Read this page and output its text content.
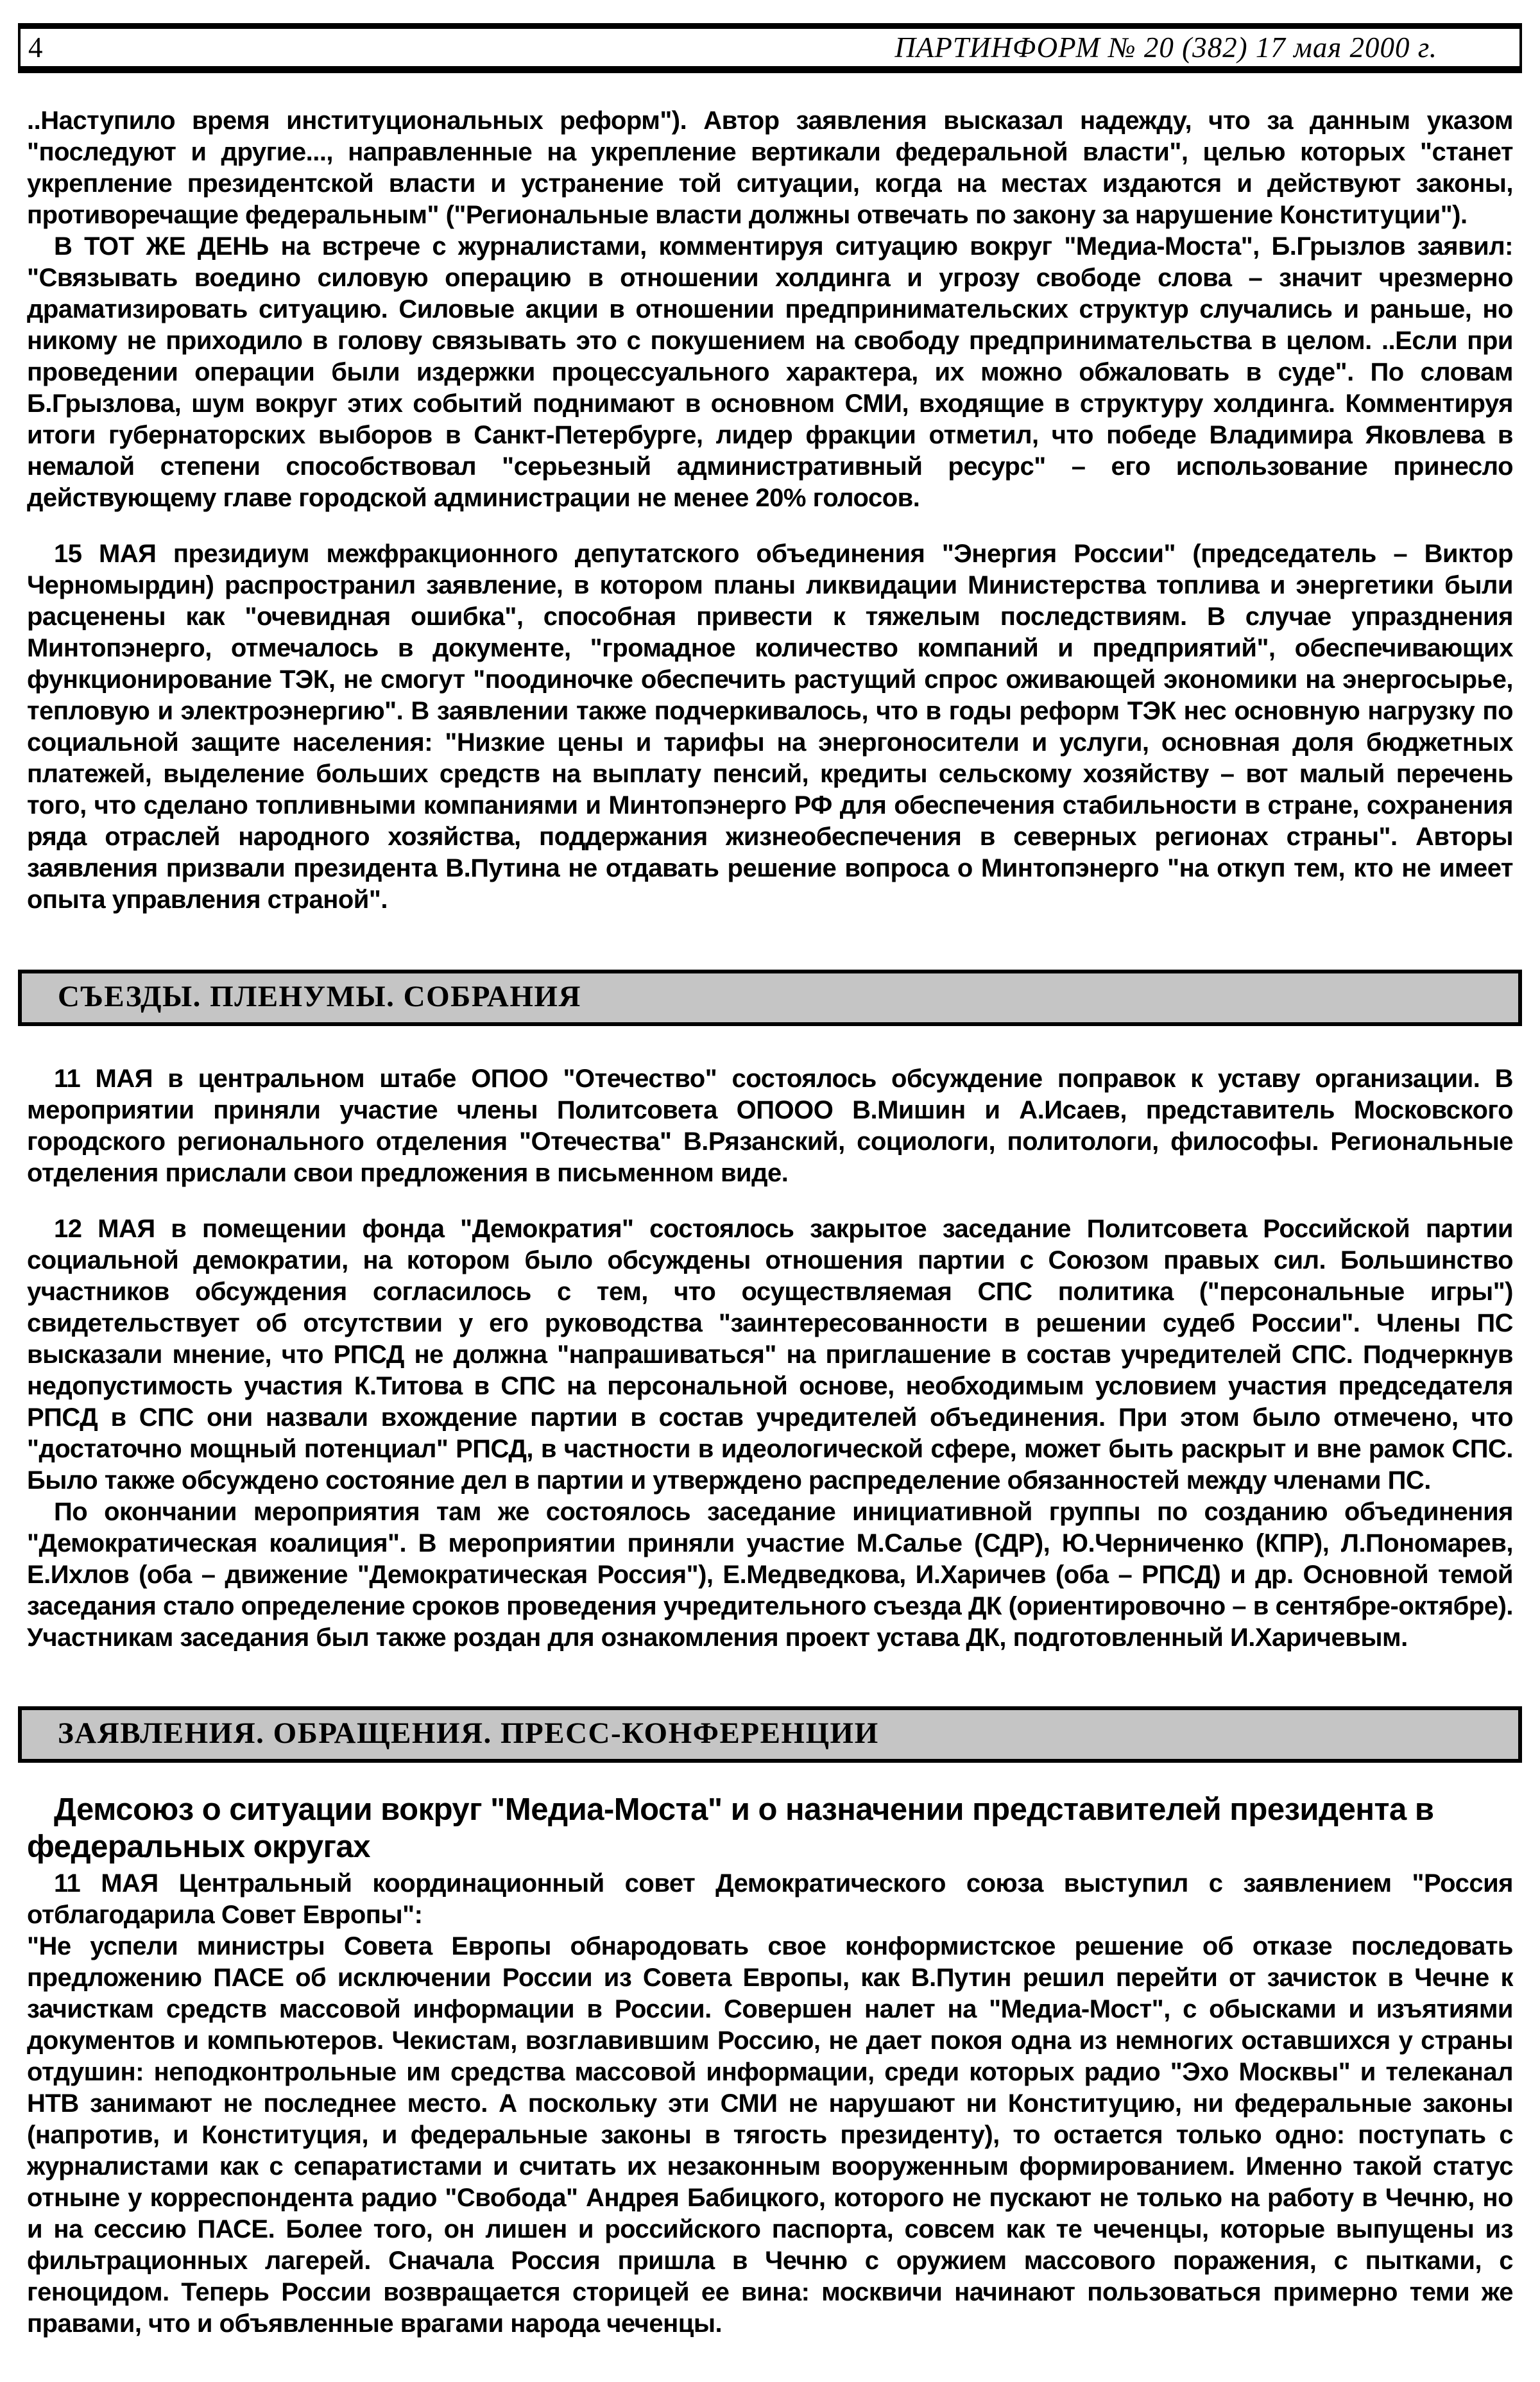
4	ПАРТИНФОРМ № 20 (382) 17 мая 2000 г.

..Наступило время институциональных реформ"). Автор заявления высказал надежду, что за данным указом "последуют и другие..., направленные на укрепление вертикали федеральной власти", целью которых "станет укрепление президентской власти и устранение той ситуации, когда на местах издаются и действуют законы, противоречащие федеральным" ("Региональные власти должны отвечать по закону за нарушение Конституции").

В ТОТ ЖЕ ДЕНЬ на встрече с журналистами, комментируя ситуацию вокруг "Медиа-Моста", Б.Грызлов заявил: "Связывать воедино силовую операцию в отношении холдинга и угрозу свободе слова – значит чрезмерно драматизировать ситуацию. Силовые акции в отношении предпринимательских структур случались и раньше, но никому не приходило в голову связывать это с покушением на свободу предпринимательства в целом. ..Если при проведении операции были издержки процессуального характера, их можно обжаловать в суде". По словам Б.Грызлова, шум вокруг этих событий поднимают в основном СМИ, входящие в структуру холдинга. Комментируя итоги губернаторских выборов в Санкт-Петербурге, лидер фракции отметил, что победе Владимира Яковлева в немалой степени способствовал "серьезный административный ресурс" – его использование принесло действующему главе городской администрации не менее 20% голосов.

15 МАЯ президиум межфракционного депутатского объединения "Энергия России" (председатель – Виктор Черномырдин) распространил заявление, в котором планы ликвидации Министерства топлива и энергетики были расценены как "очевидная ошибка", способная привести к тяжелым последствиям. В случае упразднения Минтопэнерго, отмечалось в документе, "громадное количество компаний и предприятий", обеспечивающих функционирование ТЭК, не смогут "поодиночке обеспечить растущий спрос оживающей экономики на энергосырье, тепловую и электроэнергию". В заявлении также подчеркивалось, что в годы реформ ТЭК нес основную нагрузку по социальной защите населения: "Низкие цены и тарифы на энергоносители и услуги, основная доля бюджетных платежей, выделение больших средств на выплату пенсий, кредиты сельскому хозяйству – вот малый перечень того, что сделано топливными компаниями и Минтопэнерго РФ для обеспечения стабильности в стране, сохранения ряда отраслей народного хозяйства, поддержания жизнеобеспечения в северных регионах страны". Авторы заявления призвали президента В.Путина не отдавать решение вопроса о Минтопэнерго "на откуп тем, кто не имеет опыта управления страной".

СЪЕЗДЫ. ПЛЕНУМЫ. СОБРАНИЯ

11 МАЯ в центральном штабе ОПОО "Отечество" состоялось обсуждение поправок к уставу организации. В мероприятии приняли участие члены Политсовета ОПООО В.Мишин и А.Исаев, представитель Московского городского регионального отделения "Отечества" В.Рязанский, социологи, политологи, философы. Региональные отделения прислали свои предложения в письменном виде.

12 МАЯ в помещении фонда "Демократия" состоялось закрытое заседание Политсовета Российской партии социальной демократии, на котором было обсуждены отношения партии с Союзом правых сил. Большинство участников обсуждения согласилось с тем, что осуществляемая СПС политика ("персональные игры") свидетельствует об отсутствии у его руководства "заинтересованности в решении судеб России". Члены ПС высказали мнение, что РПСД не должна "напрашиваться" на приглашение в состав учредителей СПС. Подчеркнув недопустимость участия К.Титова в СПС на персональной основе, необходимым условием участия председателя РПСД в СПС они назвали вхождение партии в состав учредителей объединения. При этом было отмечено, что "достаточно мощный потенциал" РПСД, в частности в идеологической сфере, может быть раскрыт и вне рамок СПС. Было также обсуждено состояние дел в партии и утверждено распределение обязанностей между членами ПС.

По окончании мероприятия там же состоялось заседание инициативной группы по созданию объединения "Демократическая коалиция". В мероприятии приняли участие М.Салье (СДР), Ю.Черниченко (КПР), Л.Пономарев, Е.Ихлов (оба – движение "Демократическая Россия"), Е.Медведкова, И.Харичев (оба – РПСД) и др. Основной темой заседания стало определение сроков проведения учредительного съезда ДК (ориентировочно – в сентябре-октябре). Участникам заседания был также роздан для ознакомления проект устава ДК, подготовленный И.Харичевым.

ЗАЯВЛЕНИЯ. ОБРАЩЕНИЯ. ПРЕСС-КОНФЕРЕНЦИИ
Демсоюз о ситуации вокруг "Медиа-Моста" и о назначении представителей президента в федеральных округах

11 МАЯ Центральный координационный совет Демократического союза выступил с заявлением "Россия отблагодарила Совет Европы":

"Не успели министры Совета Европы обнародовать свое конформистское решение об отказе последовать предложению ПАСЕ об исключении России из Совета Европы, как В.Путин решил перейти от зачисток в Чечне к зачисткам средств массовой информации в России. Совершен налет на "Медиа-Мост", с обысками и изъятиями документов и компьютеров. Чекистам, возглавившим Россию, не дает покоя одна из немногих оставшихся у страны отдушин: неподконтрольные им средства массовой информации, среди которых радио "Эхо Москвы" и телеканал НТВ занимают не последнее место. А поскольку эти СМИ не нарушают ни Конституцию, ни федеральные законы (напротив, и Конституция, и федеральные законы в тягость президенту), то остается только одно: поступать с журналистами как с сепаратистами и считать их незаконным вооруженным формированием. Именно такой статус отныне у корреспондента радио "Свобода" Андрея Бабицкого, которого не пускают не только на работу в Чечню, но и на сессию ПАСЕ. Более того, он лишен и российского паспорта, совсем как те чеченцы, которые выпущены из фильтрационных лагерей. Сначала Россия пришла в Чечню с оружием массового поражения, с пытками, с геноцидом. Теперь России возвращается сторицей ее вина: москвичи начинают пользоваться примерно теми же правами, что и объявленные врагами народа чеченцы.
